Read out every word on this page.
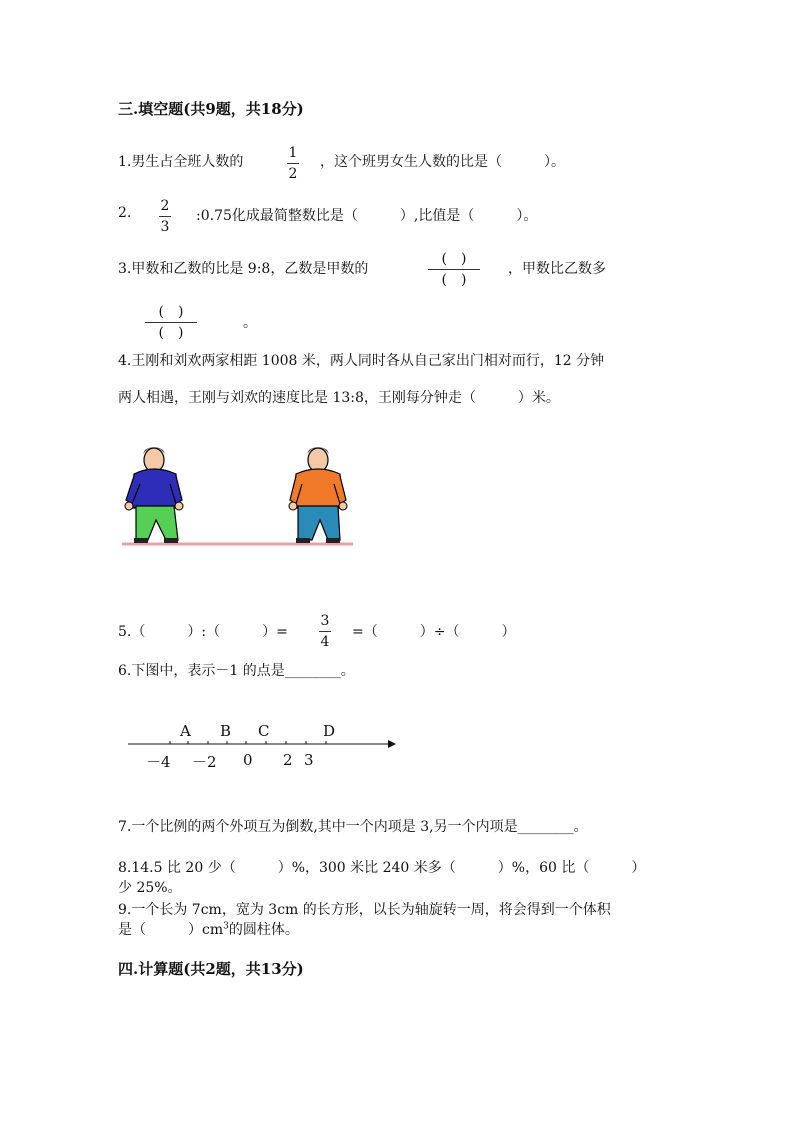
三.填空题(共9题，共18分)
1.男生占全班人数的
1
2
，这个班男女生人数的比是（　　　）。
2. 2
3
:0.75化成最简整数比是（　　　）,比值是（　　　）。
3.甲数和乙数的比是 9:8，乙数是甲数的
(　)
(　)
，甲数比乙数多
(　)
(　)
。
4.王刚和刘欢两家相距 1008 米，两人同时各从自己家出门相对而行，12 分钟
两人相遇，王刚与刘欢的速度比是 13:8，王刚每分钟走（　　　）米。
5.（　　　）:（　　　）=
3
4
=（　　　）÷（　　　）
6.下图中，表示－1 的点是________。
A B C	D
－4 －2 0 2 3
7.一个比例的两个外项互为倒数,其中一个内项是 3,另一个内项是________。
8.14.5 比 20 少（　　　）%，300 米比 240 米多（　　　）%，60 比（　　　）
少 25%。
9.一个长为 7cm，宽为 3cm 的长方形，以长为轴旋转一周，将会得到一个体积
是（　　　）$cm^3$的圆柱体。
四.计算题(共2题，共13分)
